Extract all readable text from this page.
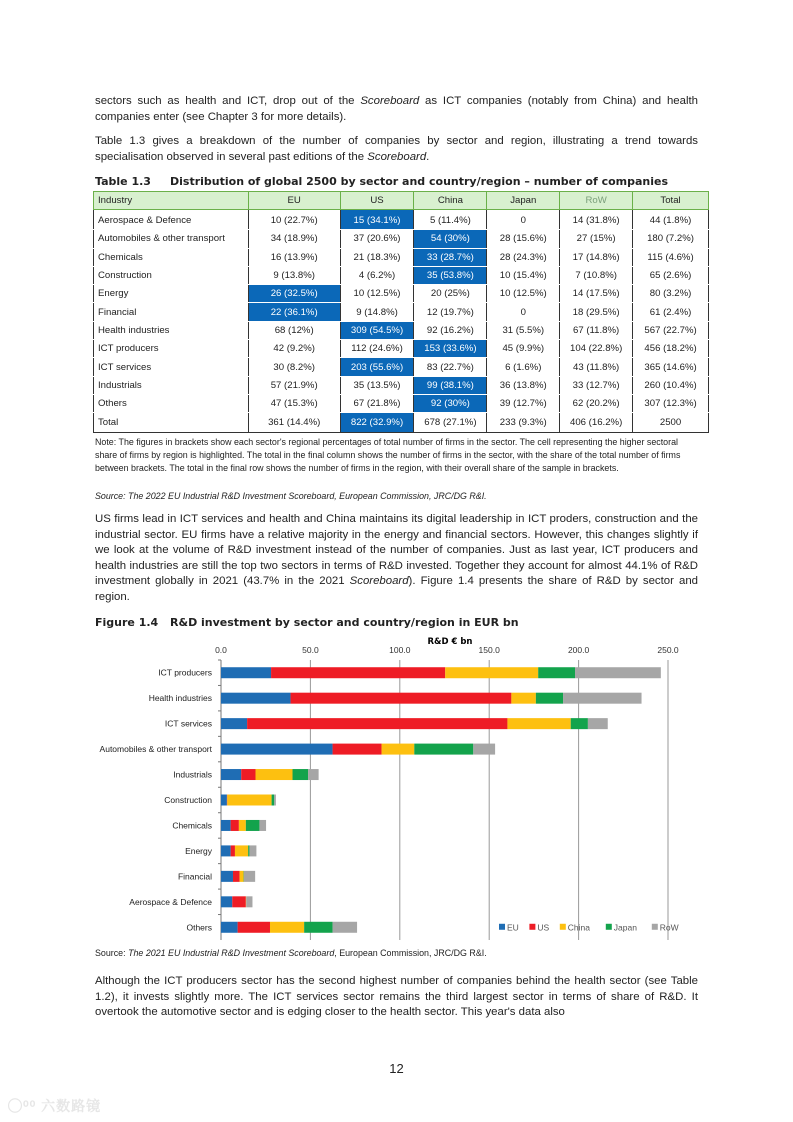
sectors such as health and ICT, drop out of the Scoreboard as ICT companies (notably from China) and health companies enter (see Chapter 3 for more details).
Table 1.3 gives a breakdown of the number of companies by sector and region, illustrating a trend towards specialisation observed in several past editions of the Scoreboard.
Table 1.3 Distribution of global 2500 by sector and country/region – number of companies
Industry	EU	US	China	Japan	RoW	Total
Aerospace & Defence	10 (22.7%)	15 (34.1%)	5 (11.4%)	0	14 (31.8%)	44 (1.8%)
Automobiles & other transport	34 (18.9%)	37 (20.6%)	54 (30%)	28 (15.6%)	27 (15%)	180 (7.2%)
Chemicals	16 (13.9%)	21 (18.3%)	33 (28.7%)	28 (24.3%)	17 (14.8%)	115 (4.6%)
Construction	9 (13.8%)	4 (6.2%)	35 (53.8%)	10 (15.4%)	7 (10.8%)	65 (2.6%)
Energy	26 (32.5%)	10 (12.5%)	20 (25%)	10 (12.5%)	14 (17.5%)	80 (3.2%)
Financial	22 (36.1%)	9 (14.8%)	12 (19.7%)	0	18 (29.5%)	61 (2.4%)
Health industries	68 (12%)	309 (54.5%)	92 (16.2%)	31 (5.5%)	67 (11.8%)	567 (22.7%)
ICT producers	42 (9.2%)	112 (24.6%)	153 (33.6%)	45 (9.9%)	104 (22.8%)	456 (18.2%)
ICT services	30 (8.2%)	203 (55.6%)	83 (22.7%)	6 (1.6%)	43 (11.8%)	365 (14.6%)
Industrials	57 (21.9%)	35 (13.5%)	99 (38.1%)	36 (13.8%)	33 (12.7%)	260 (10.4%)
Others	47 (15.3%)	67 (21.8%)	92 (30%)	39 (12.7%)	62 (20.2%)	307 (12.3%)
Total	361 (14.4%)	822 (32.9%)	678 (27.1%)	233 (9.3%)	406 (16.2%)	2500
Note: The figures in brackets show each sector's regional percentages of total number of firms in the sector. The cell representing the higher sectoral share of firms by region is highlighted. The total in the final column shows the number of firms in the sector, with the share of the total number of firms between brackets. The total in the final row shows the number of firms in the region, with their overall share of the sample in brackets.
Source: The 2022 EU Industrial R&D Investment Scoreboard, European Commission, JRC/DG R&I.
US firms lead in ICT services and health and China maintains its digital leadership in ICT proders, construction and the industrial sector. EU firms have a relative majority in the energy and financial sectors. However, this changes slightly if we look at the volume of R&D investment instead of the number of companies. Just as last year, ICT producers and health industries are still the top two sectors in terms of R&D invested. Together they account for almost 44.1% of R&D investment globally in 2021 (43.7% in the 2021 Scoreboard). Figure 1.4 presents the share of R&D by sector and region.
Figure 1.4 R&D investment by sector and country/region in EUR bn
R&D € bn
0.0	50.0	100.0	150.0	200.0	250.0
ICT producers
Health industries
ICT services
Automobiles & other transport
Industrials
Construction
Chemicals
Energy
Financial
Aerospace & Defence
Others	EU US China	Japan	RoW
Source: The 2021 EU Industrial R&D Investment Scoreboard, European Commission, JRC/DG R&I.
Although the ICT producers sector has the second highest number of companies behind the health sector (see Table 1.2), it invests slightly more. The ICT services sector remains the third largest sector in terms of share of R&D. It overtook the automotive sector and is edging closer to the health sector. This year's data also
12
◯⁰⁰ 六数路镜
